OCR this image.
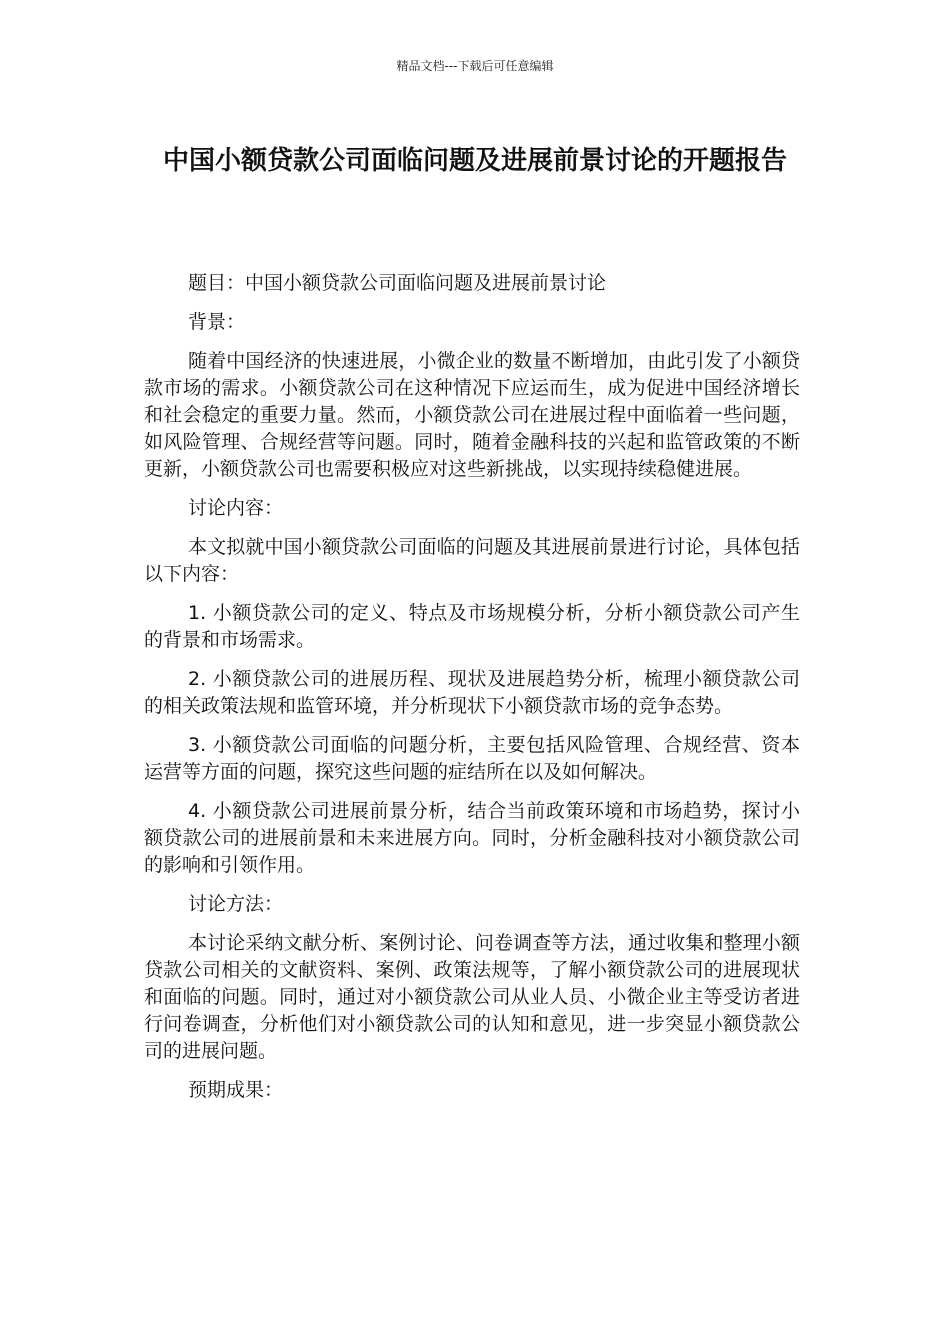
精品文档---下载后可任意编辑
中国小额贷款公司面临问题及进展前景讨论的开题报告

题目：中国小额贷款公司面临问题及进展前景讨论

背景：

随着中国经济的快速进展，小微企业的数量不断增加，由此引发了小额贷款市场的需求。小额贷款公司在这种情况下应运而生，成为促进中国经济增长和社会稳定的重要力量。然而，小额贷款公司在进展过程中面临着一些问题，如风险管理、合规经营等问题。同时，随着金融科技的兴起和监管政策的不断更新，小额贷款公司也需要积极应对这些新挑战，以实现持续稳健进展。

讨论内容：

本文拟就中国小额贷款公司面临的问题及其进展前景进行讨论，具体包括以下内容：

1. 小额贷款公司的定义、特点及市场规模分析，分析小额贷款公司产生的背景和市场需求。

2. 小额贷款公司的进展历程、现状及进展趋势分析，梳理小额贷款公司的相关政策法规和监管环境，并分析现状下小额贷款市场的竞争态势。

3. 小额贷款公司面临的问题分析，主要包括风险管理、合规经营、资本运营等方面的问题，探究这些问题的症结所在以及如何解决。

4. 小额贷款公司进展前景分析，结合当前政策环境和市场趋势，探讨小额贷款公司的进展前景和未来进展方向。同时，分析金融科技对小额贷款公司的影响和引领作用。

讨论方法：

本讨论采纳文献分析、案例讨论、问卷调查等方法，通过收集和整理小额贷款公司相关的文献资料、案例、政策法规等，了解小额贷款公司的进展现状和面临的问题。同时，通过对小额贷款公司从业人员、小微企业主等受访者进行问卷调查，分析他们对小额贷款公司的认知和意见，进一步突显小额贷款公司的进展问题。

预期成果：
